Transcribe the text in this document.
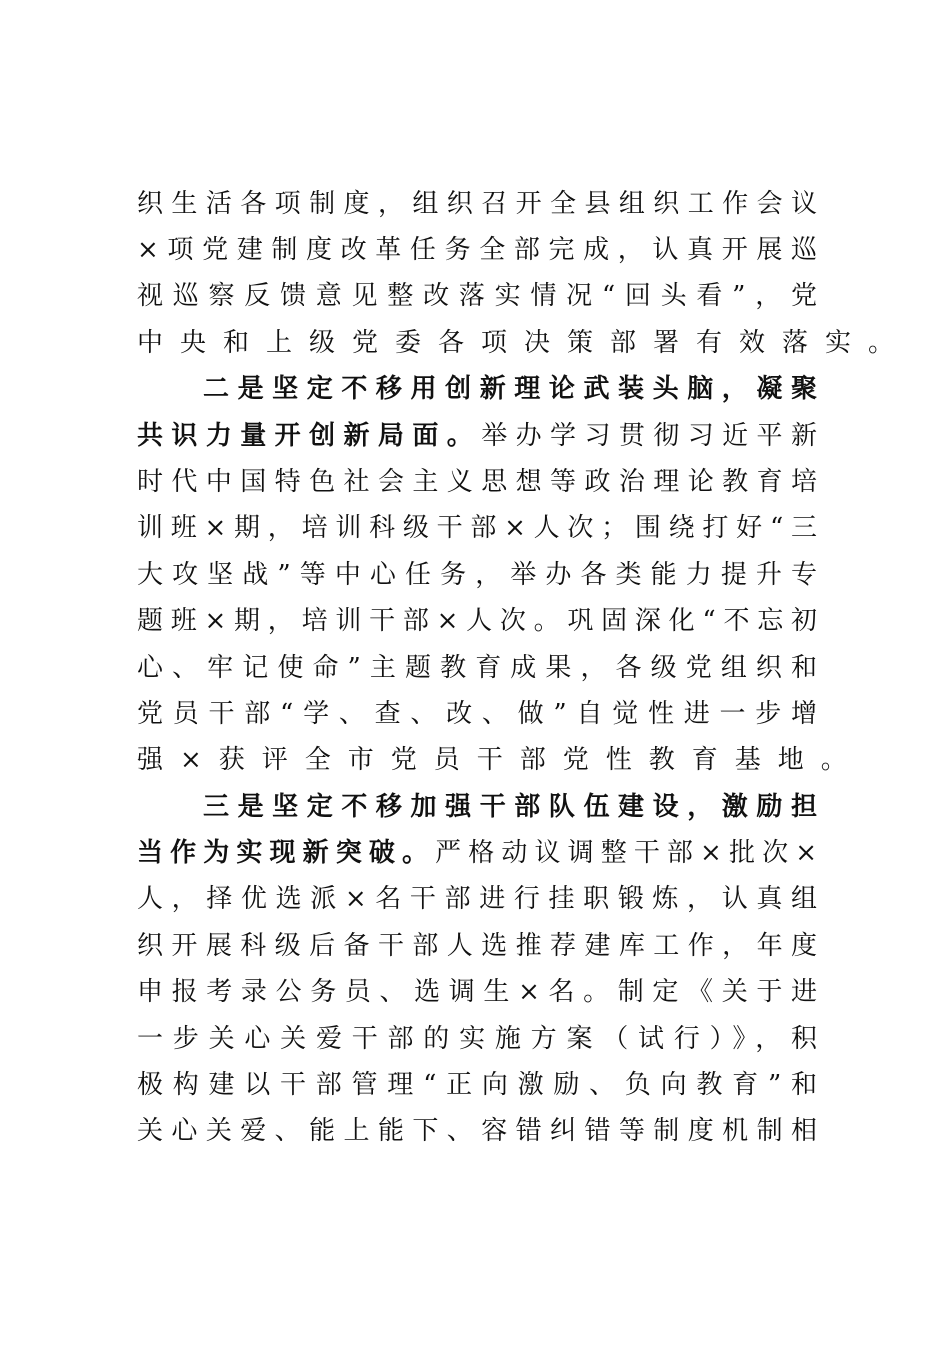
织生活各项制度，组织召开全县组织工作会议
×项党建制度改革任务全部完成，认真开展巡
视巡察反馈意见整改落实情况“回头看”，党
中央和上级党委各项决策部署有效落实。
二是坚定不移用创新理论武装头脑，凝聚
共识力量开创新局面。举办学习贯彻习近平新
时代中国特色社会主义思想等政治理论教育培
训班×期，培训科级干部×人次；围绕打好“三
大攻坚战”等中心任务，举办各类能力提升专
题班×期，培训干部×人次。巩固深化“不忘初
心、牢记使命”主题教育成果，各级党组织和
党员干部“学、查、改、做”自觉性进一步增
强×获评全市党员干部党性教育基地。
三是坚定不移加强干部队伍建设，激励担
当作为实现新突破。严格动议调整干部×批次×
人，择优选派×名干部进行挂职锻炼，认真组
织开展科级后备干部人选推荐建库工作，年度
申报考录公务员、选调生×名。制定《关于进
一步关心关爱干部的实施方案（试行）》，积
极构建以干部管理“正向激励、负向教育”和
关心关爱、能上能下、容错纠错等制度机制相
